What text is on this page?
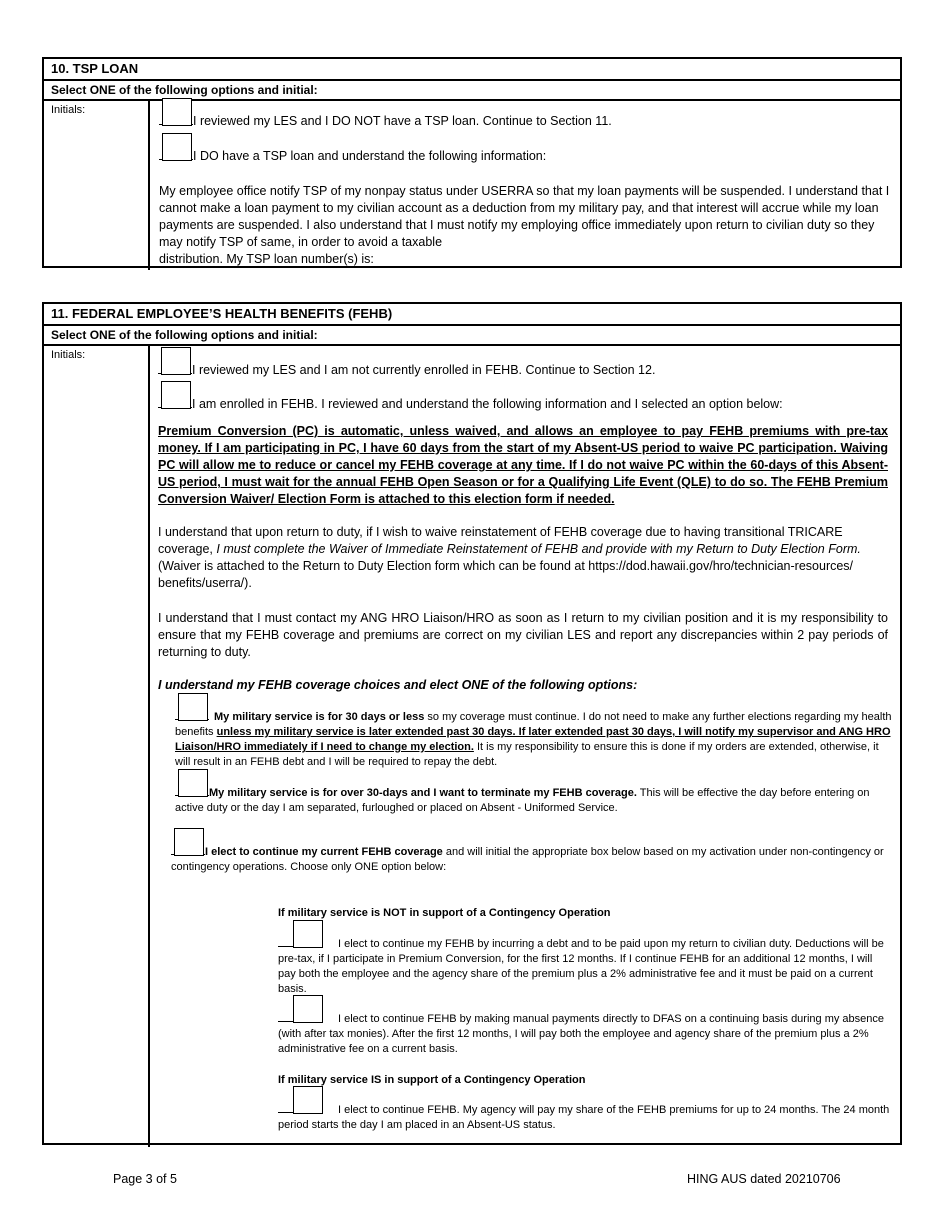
10. TSP LOAN
Select ONE of the following options and initial:
Initials:
I reviewed my LES and I DO NOT have a TSP loan. Continue to Section 11.
I DO have a TSP loan and understand the following information:
My employee office notify TSP of my nonpay status under USERRA so that my loan payments will be suspended. I understand that I cannot make a loan payment to my civilian account as a deduction from my military pay, and that interest will accrue while my loan payments are suspended. I also understand that I must notify my employing office immediately upon return to civilian duty so they may notify TSP of same, in order to avoid a taxable
distribution. My TSP loan number(s) is:
11. FEDERAL EMPLOYEE’S HEALTH BENEFITS (FEHB)
Select ONE of the following options and initial:
Initials:
I reviewed my LES and I am not currently enrolled in FEHB. Continue to Section 12.
I am enrolled in FEHB. I reviewed and understand the following information and I selected an option below:
Premium Conversion (PC) is automatic, unless waived, and allows an employee to pay FEHB premiums with pre-tax money. If I am participating in PC, I have 60 days from the start of my Absent-US period to waive PC participation. Waiving PC will allow me to reduce or cancel my FEHB coverage at any time. If I do not waive PC within the 60-days of this Absent-US period, I must wait for the annual FEHB Open Season or for a Qualifying Life Event (QLE) to do so. The FEHB Premium Conversion Waiver/ Election Form is attached to this election form if needed.
I understand that upon return to duty, if I wish to waive reinstatement of FEHB coverage due to having transitional TRICARE coverage, I must complete the Waiver of Immediate Reinstatement of FEHB and provide with my Return to Duty Election Form. (Waiver is attached to the Return to Duty Election form which can be found at https://dod.hawaii.gov/hro/technician-resources/ benefits/userra/).
I understand that I must contact my ANG HRO Liaison/HRO as soon as I return to my civilian position and it is my responsibility to ensure that my FEHB coverage and premiums are correct on my civilian LES and report any discrepancies within 2 pay periods of returning to duty.
I understand my FEHB coverage choices and elect ONE of the following options:
My military service is for 30 days or less so my coverage must continue. I do not need to make any further elections regarding my health benefits unless my military service is later extended past 30 days. If later extended past 30 days, I will notify my supervisor and ANG HRO Liaison/HRO immediately if I need to change my election. It is my responsibility to ensure this is done if my orders are extended, otherwise, it will result in an FEHB debt and I will be required to repay the debt.
My military service is for over 30-days and I want to terminate my FEHB coverage. This will be effective the day before entering on active duty or the day I am separated, furloughed or placed on Absent - Uniformed Service.
I elect to continue my current FEHB coverage and will initial the appropriate box below based on my activation under non-contingency or contingency operations. Choose only ONE option below:
If military service is NOT in support of a Contingency Operation
I elect to continue my FEHB by incurring a debt and to be paid upon my return to civilian duty. Deductions will be pre-tax, if I participate in Premium Conversion, for the first 12 months. If I continue FEHB for an additional 12 months, I will pay both the employee and the agency share of the premium plus a 2% administrative fee and it must be paid on a current basis.
I elect to continue FEHB by making manual payments directly to DFAS on a continuing basis during my absence (with after tax monies). After the first 12 months, I will pay both the employee and agency share of the premium plus a 2% administrative fee on a current basis.
If military service IS in support of a Contingency Operation
I elect to continue FEHB. My agency will pay my share of the FEHB premiums for up to 24 months. The 24 month period starts the day I am placed in an Absent-US status.
Page 3 of 5	HING AUS dated 20210706
